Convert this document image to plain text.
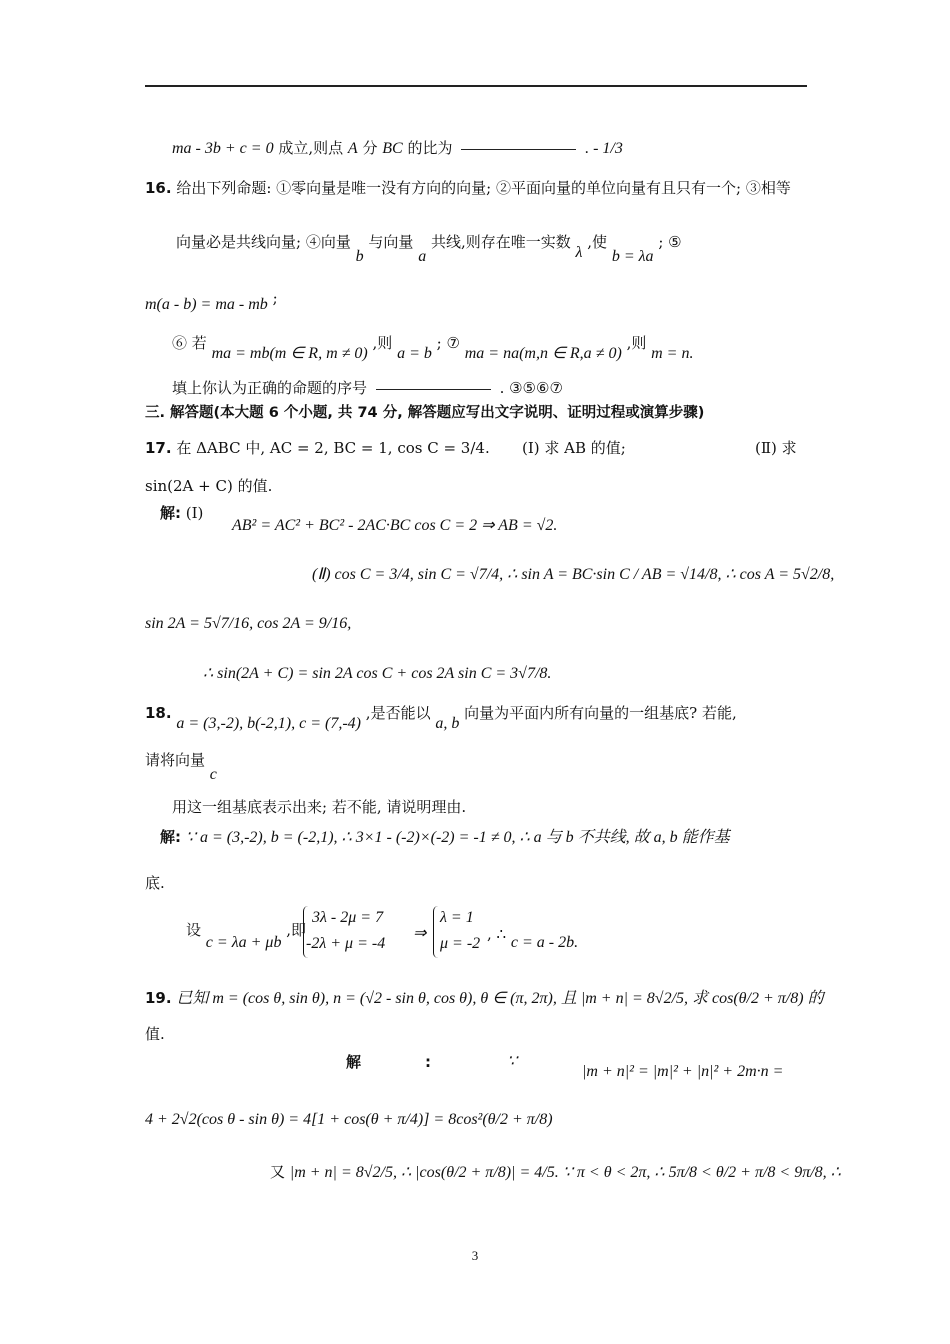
ma - 3b + c = 0 成立,则点 A 分 BC 的比为	. - 1/3
16. 给出下列命题: ①零向量是唯一没有方向的向量; ②平面向量的单位向量有且只有一个; ③相等
向量必是共线向量; ④向量 b 与向量 a 共线,则存在唯一实数 λ ,使 b = λa ; ⑤
m(a - b) = ma - mb ;
⑥ 若 ma = mb(m ∈ R, m ≠ 0) ,则 a = b ; ⑦ ma = na(m,n ∈ R,a ≠ 0) ,则 m = n.
填上你认为正确的命题的序号	. ③⑤⑥⑦
三. 解答题(本大题 6 个小题, 共 74 分, 解答题应写出文字说明、证明过程或演算步骤)
17. 在 ΔABC 中, AC = 2, BC = 1, cos C = 3/4. (Ⅰ) 求 AB 的值;	(Ⅱ) 求
sin(2A + C) 的值.
解: (Ⅰ)
AB² = AC² + BC² - 2AC·BC cos C = 2 ⇒ AB = √2.
(Ⅱ) cos C = 3/4, sin C = √7/4, ∴ sin A = BC·sin C / AB = √14/8, ∴ cos A = 5√2/8,
sin 2A = 5√7/16, cos 2A = 9/16,
∴ sin(2A + C) = sin 2A cos C + cos 2A sin C = 3√7/8.
18. a = (3,-2), b(-2,1), c = (7,-4) ,是否能以 a, b 向量为平面内所有向量的一组基底? 若能,
请将向量 c
用这一组基底表示出来; 若不能, 请说明理由.
解: ∵ a = (3,-2), b = (-2,1), ∴ 3×1 - (-2)×(-2) = -1 ≠ 0, ∴ a 与 b 不共线, 故 a, b 能作基
底.
设 c = λa + μb ,即
3λ - 2μ = 7
-2λ + μ = -4
⇒
λ = 1
μ = -2
, ∴ c = a - 2b.
19. 已知 m = (cos θ, sin θ), n = (√2 - sin θ, cos θ), θ ∈ (π, 2π), 且 |m + n| = 8√2/5, 求 cos(θ/2 + π/8) 的
值.
解	:	∵
|m + n|² = |m|² + |n|² + 2m·n =
4 + 2√2(cos θ - sin θ) = 4[1 + cos(θ + π/4)] = 8cos²(θ/2 + π/8)
又 |m + n| = 8√2/5, ∴ |cos(θ/2 + π/8)| = 4/5. ∵ π < θ < 2π, ∴ 5π/8 < θ/2 + π/8 < 9π/8, ∴
3
